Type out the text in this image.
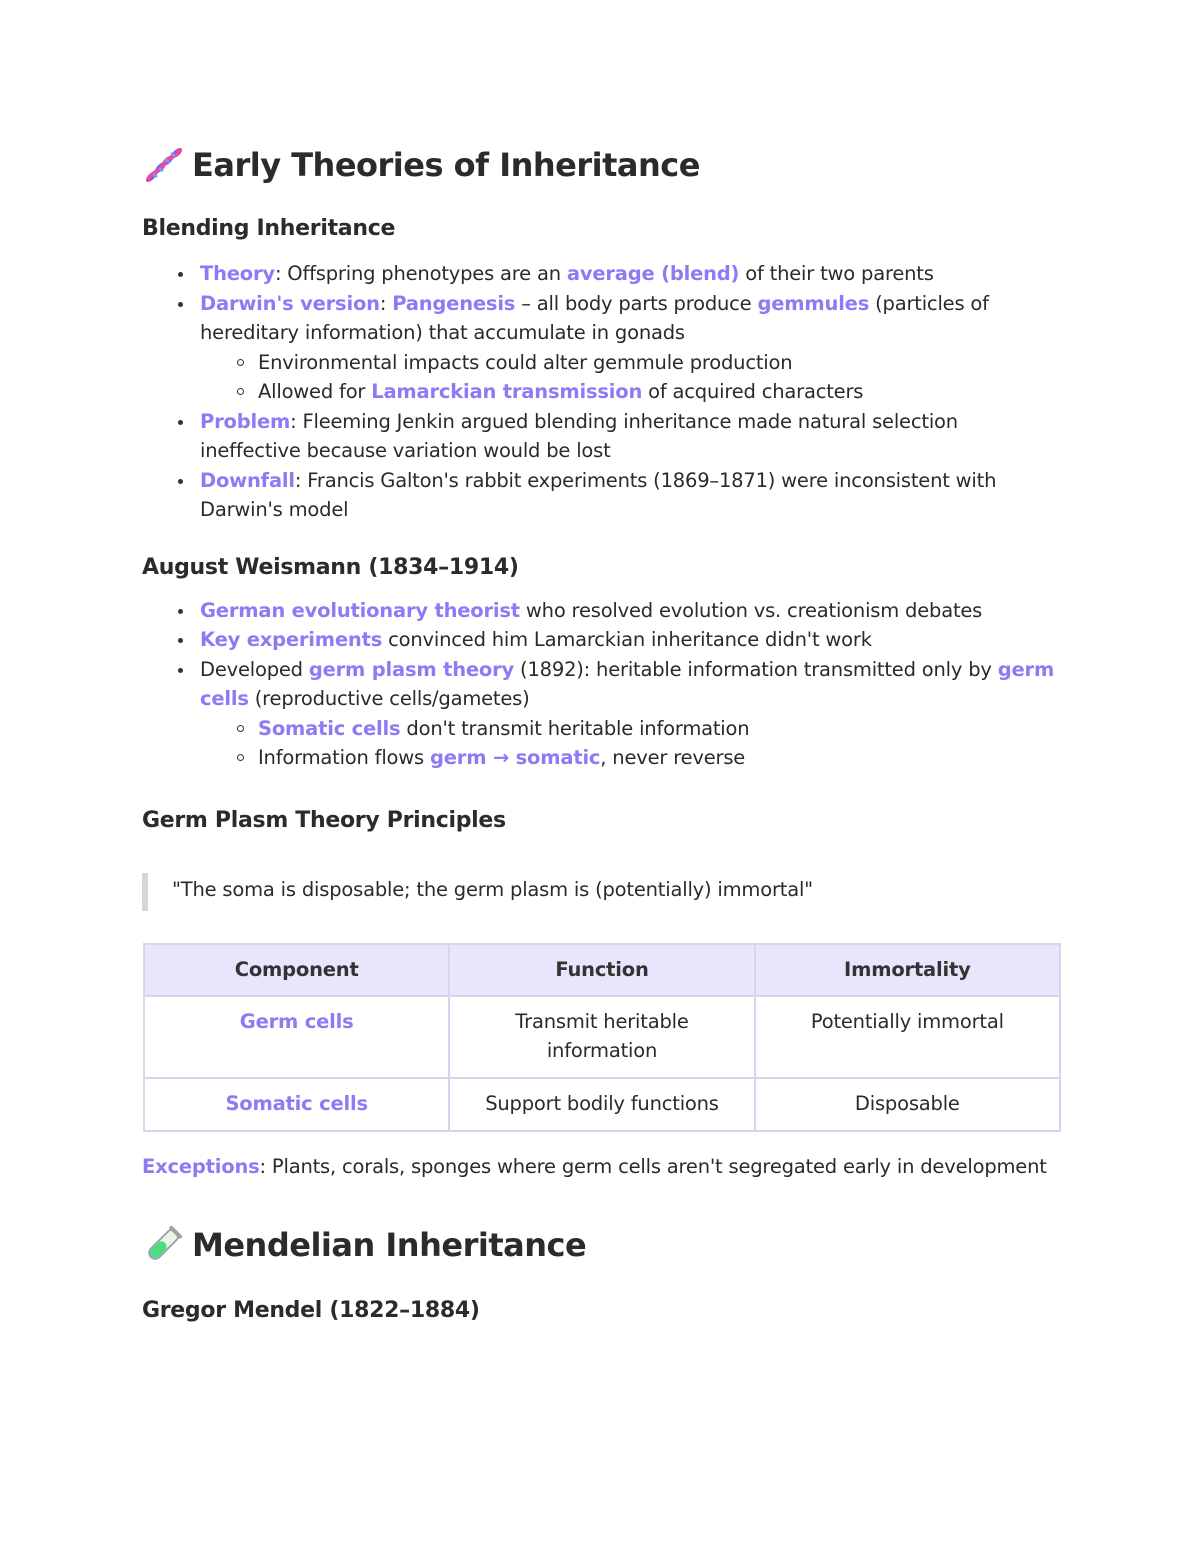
Early Theories of Inheritance
Blending Inheritance
Theory: Offspring phenotypes are an average (blend) of their two parents
Darwin's version: Pangenesis – all body parts produce gemmules (particles of hereditary information) that accumulate in gonads
Environmental impacts could alter gemmule production
Allowed for Lamarckian transmission of acquired characters
Problem: Fleeming Jenkin argued blending inheritance made natural selection ineffective because variation would be lost
Downfall: Francis Galton's rabbit experiments (1869–1871) were inconsistent with Darwin's model
August Weismann (1834–1914)
German evolutionary theorist who resolved evolution vs. creationism debates
Key experiments convinced him Lamarckian inheritance didn't work
Developed germ plasm theory (1892): heritable information transmitted only by germ cells (reproductive cells/gametes)
Somatic cells don't transmit heritable information
Information flows germ → somatic, never reverse
Germ Plasm Theory Principles
"The soma is disposable; the germ plasm is (potentially) immortal"
Component	Function	Immortality
Germ cells	Transmit heritable information	Potentially immortal
Somatic cells	Support bodily functions	Disposable
Exceptions: Plants, corals, sponges where germ cells aren't segregated early in development
Mendelian Inheritance
Gregor Mendel (1822–1884)
